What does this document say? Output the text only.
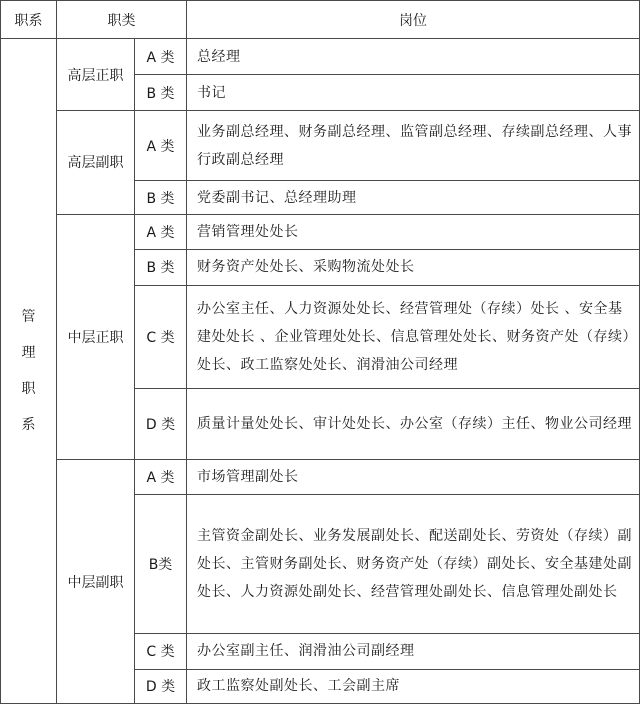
职系	职类		岗位
管理职系	高层正职	A 类	总经理
		B 类	书记
	高层副职	A 类	业务副总经理、财务副总经理、监管副总经理、存续副总经理、人事行政副总经理
		B 类	党委副书记、总经理助理
	中层正职	A 类	营销管理处处长
		B 类	财务资产处处长、采购物流处处长
		C 类	办公室主任、人力资源处处长、经营管理处（存续）处长 、安全基建处处长 、企业管理处处长、信息管理处处长、财务资产处（存续）处长、政工监察处处长、润滑油公司经理
		D 类	质量计量处处长、审计处处长、办公室（存续）主任、物业公司经理
	中层副职	A 类	市场管理副处长
		B类	主管资金副处长、业务发展副处长、配送副处长、劳资处（存续）副处长、主管财务副处长、财务资产处（存续）副处长、安全基建处副处长、人力资源处副处长、经营管理处副处长、信息管理处副处长
		C 类	办公室副主任、润滑油公司副经理
		D 类	政工监察处副处长、工会副主席
